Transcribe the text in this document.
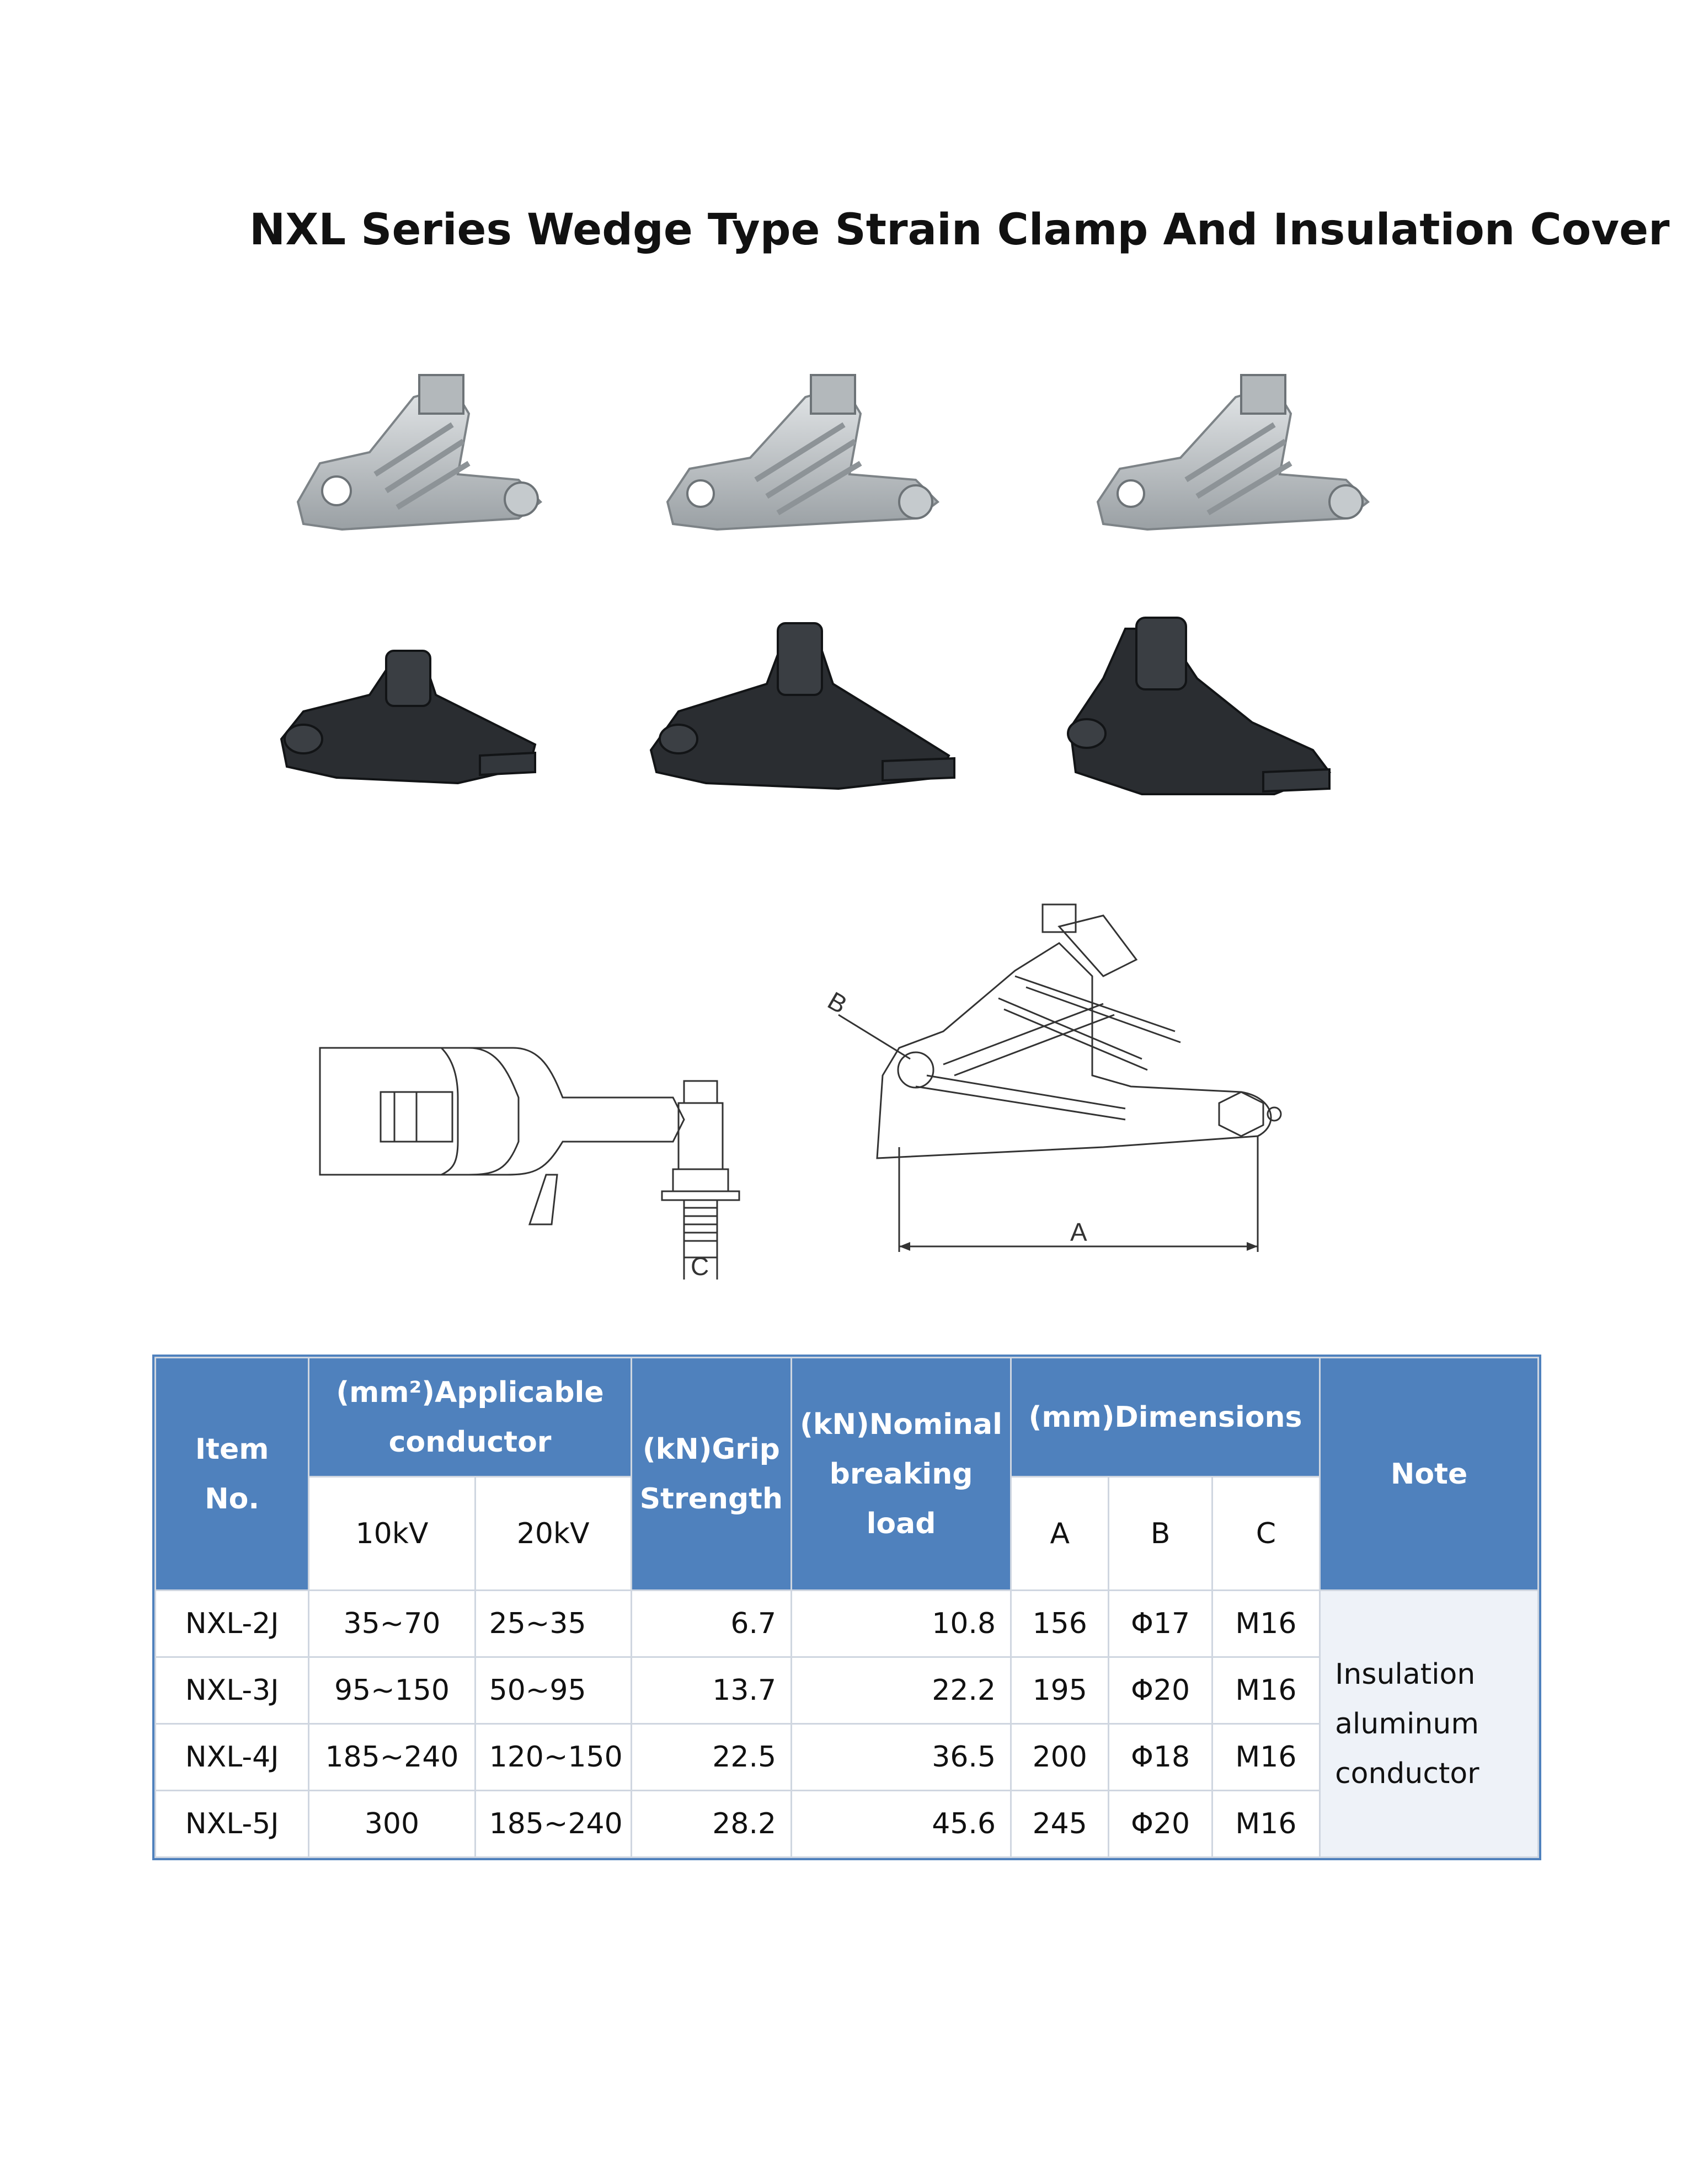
NXL Series Wedge Type Strain Clamp And Insulation Cover
C
A
B
Item No.	(mm²)Applicable conductor		(kN)Grip Strength	(kN)Nominal breaking load	(mm)Dimensions			Note
	10kV	20kV			A	B	C	
NXL-2J	35~70	25~35	6.7	10.8	156	Φ17	M16	Insulation aluminum conductor

NXL-3J	95~150	50~95	13.7	22.2	195	Φ20	M16	
NXL-4J	185~240	120~150	22.5	36.5	200	Φ18	M16	
NXL-5J	300	185~240	28.2	45.6	245	Φ20	M16	
